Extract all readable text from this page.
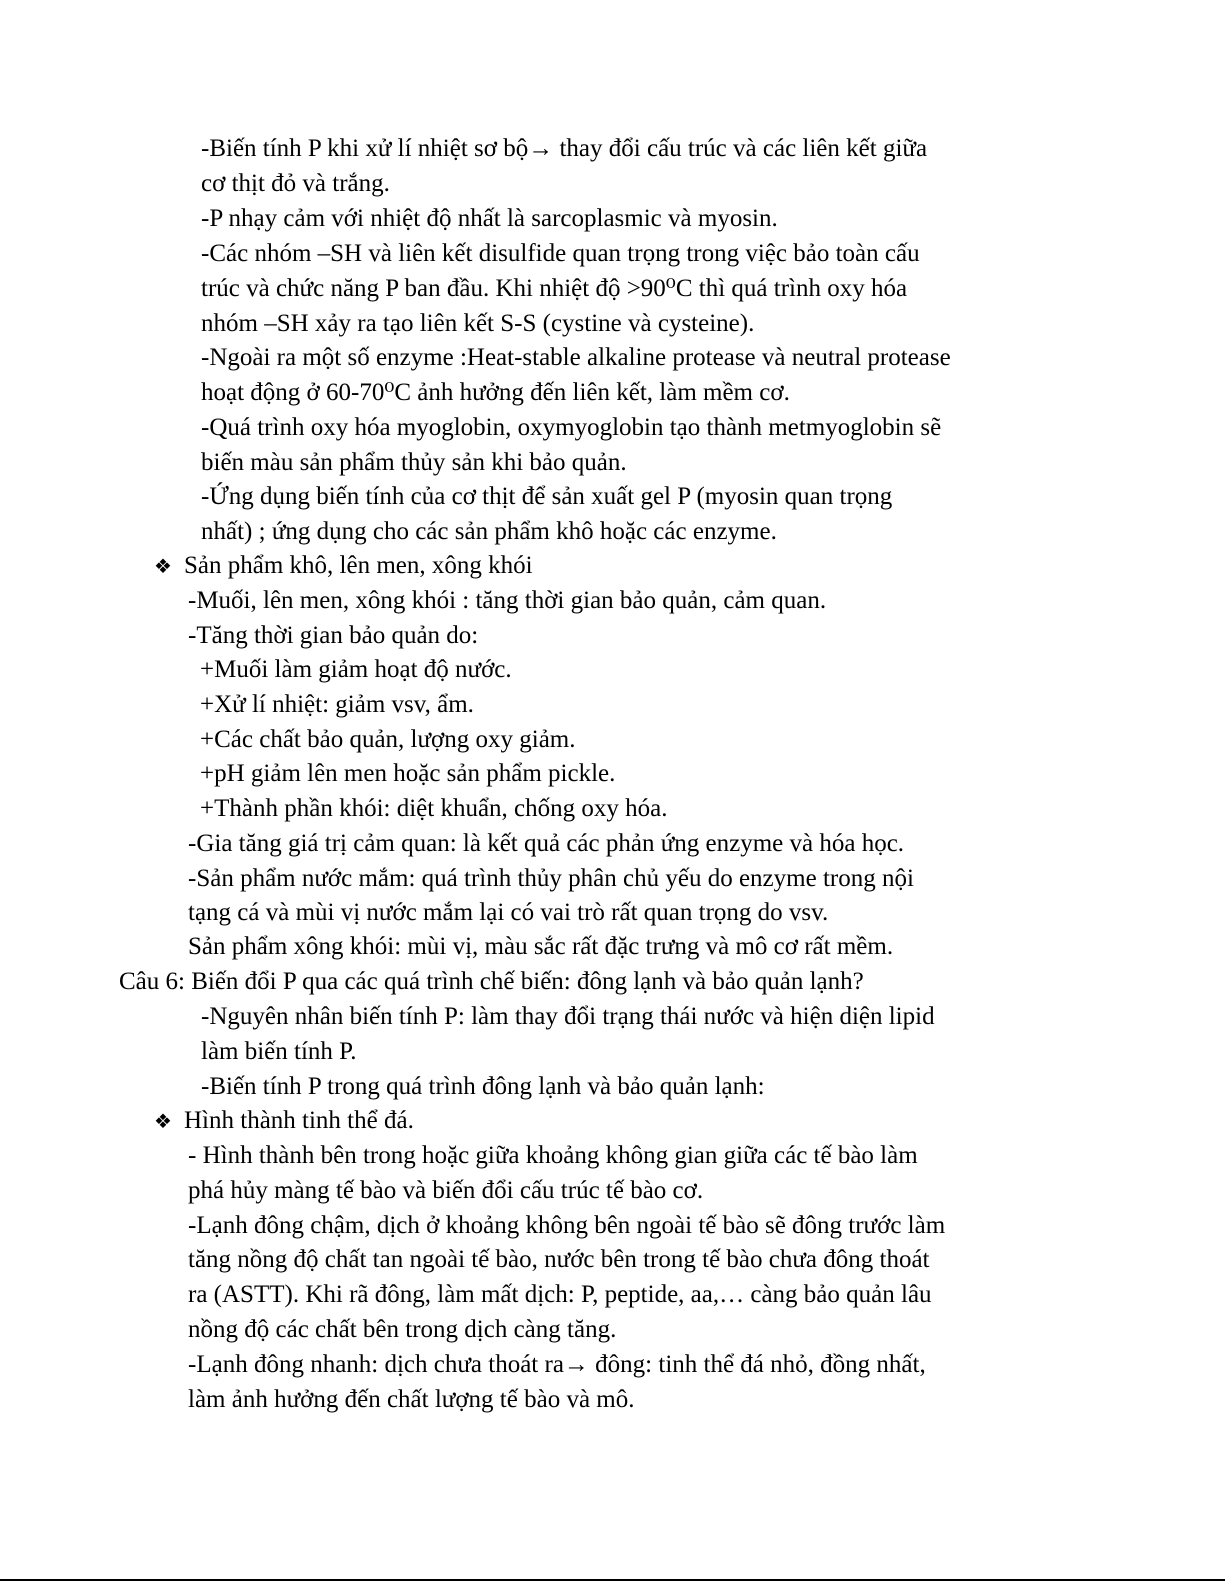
-Biến tính P khi xử lí nhiệt sơ bộ→ thay đổi cấu trúc và các liên kết giữa
cơ thịt đỏ và trắng.
-P nhạy cảm với nhiệt độ nhất là sarcoplasmic và myosin.
-Các nhóm –SH và liên kết disulfide quan trọng trong việc bảo toàn cấu
trúc và chức năng P ban đầu. Khi nhiệt độ >90⁰C thì quá trình oxy hóa
nhóm –SH xảy ra tạo liên kết S-S (cystine và cysteine).
-Ngoài ra một số enzyme :Heat-stable alkaline protease và neutral protease
hoạt động ở 60-70⁰C ảnh hưởng đến liên kết, làm mềm cơ.
-Quá trình oxy hóa myoglobin, oxymyoglobin tạo thành metmyoglobin sẽ
biến màu sản phẩm thủy sản khi bảo quản.
-Ứng dụng biến tính của cơ thịt để sản xuất gel P (myosin quan trọng
nhất) ; ứng dụng cho các sản phẩm khô hoặc các enzyme.
❖ Sản phẩm khô, lên men, xông khói
-Muối, lên men, xông khói : tăng thời gian bảo quản, cảm quan.
-Tăng thời gian bảo quản do:
+Muối làm giảm hoạt độ nước.
+Xử lí nhiệt: giảm vsv, ẩm.
+Các chất bảo quản, lượng oxy giảm.
+pH giảm lên men hoặc sản phẩm pickle.
+Thành phần khói: diệt khuẩn, chống oxy hóa.
-Gia tăng giá trị cảm quan: là kết quả các phản ứng enzyme và hóa học.
-Sản phẩm nước mắm: quá trình thủy phân chủ yếu do enzyme trong nội
tạng cá và mùi vị nước mắm lại có vai trò rất quan trọng do vsv.
Sản phẩm xông khói: mùi vị, màu sắc rất đặc trưng và mô cơ rất mềm.
Câu 6: Biến đổi P qua các quá trình chế biến: đông lạnh và bảo quản lạnh?
-Nguyên nhân biến tính P: làm thay đổi trạng thái nước và hiện diện lipid
làm biến tính P.
-Biến tính P trong quá trình đông lạnh và bảo quản lạnh:
❖ Hình thành tinh thể đá.
- Hình thành bên trong hoặc giữa khoảng không gian giữa các tế bào làm
phá hủy màng tế bào và biến đổi cấu trúc tế bào cơ.
-Lạnh đông chậm, dịch ở khoảng không bên ngoài tế bào sẽ đông trước làm
tăng nồng độ chất tan ngoài tế bào, nước bên trong tế bào chưa đông thoát
ra (ASTT). Khi rã đông, làm mất dịch: P, peptide, aa,… càng bảo quản lâu
nồng độ các chất bên trong dịch càng tăng.
-Lạnh đông nhanh: dịch chưa thoát ra→ đông: tinh thể đá nhỏ, đồng nhất,
làm ảnh hưởng đến chất lượng tế bào và mô.
